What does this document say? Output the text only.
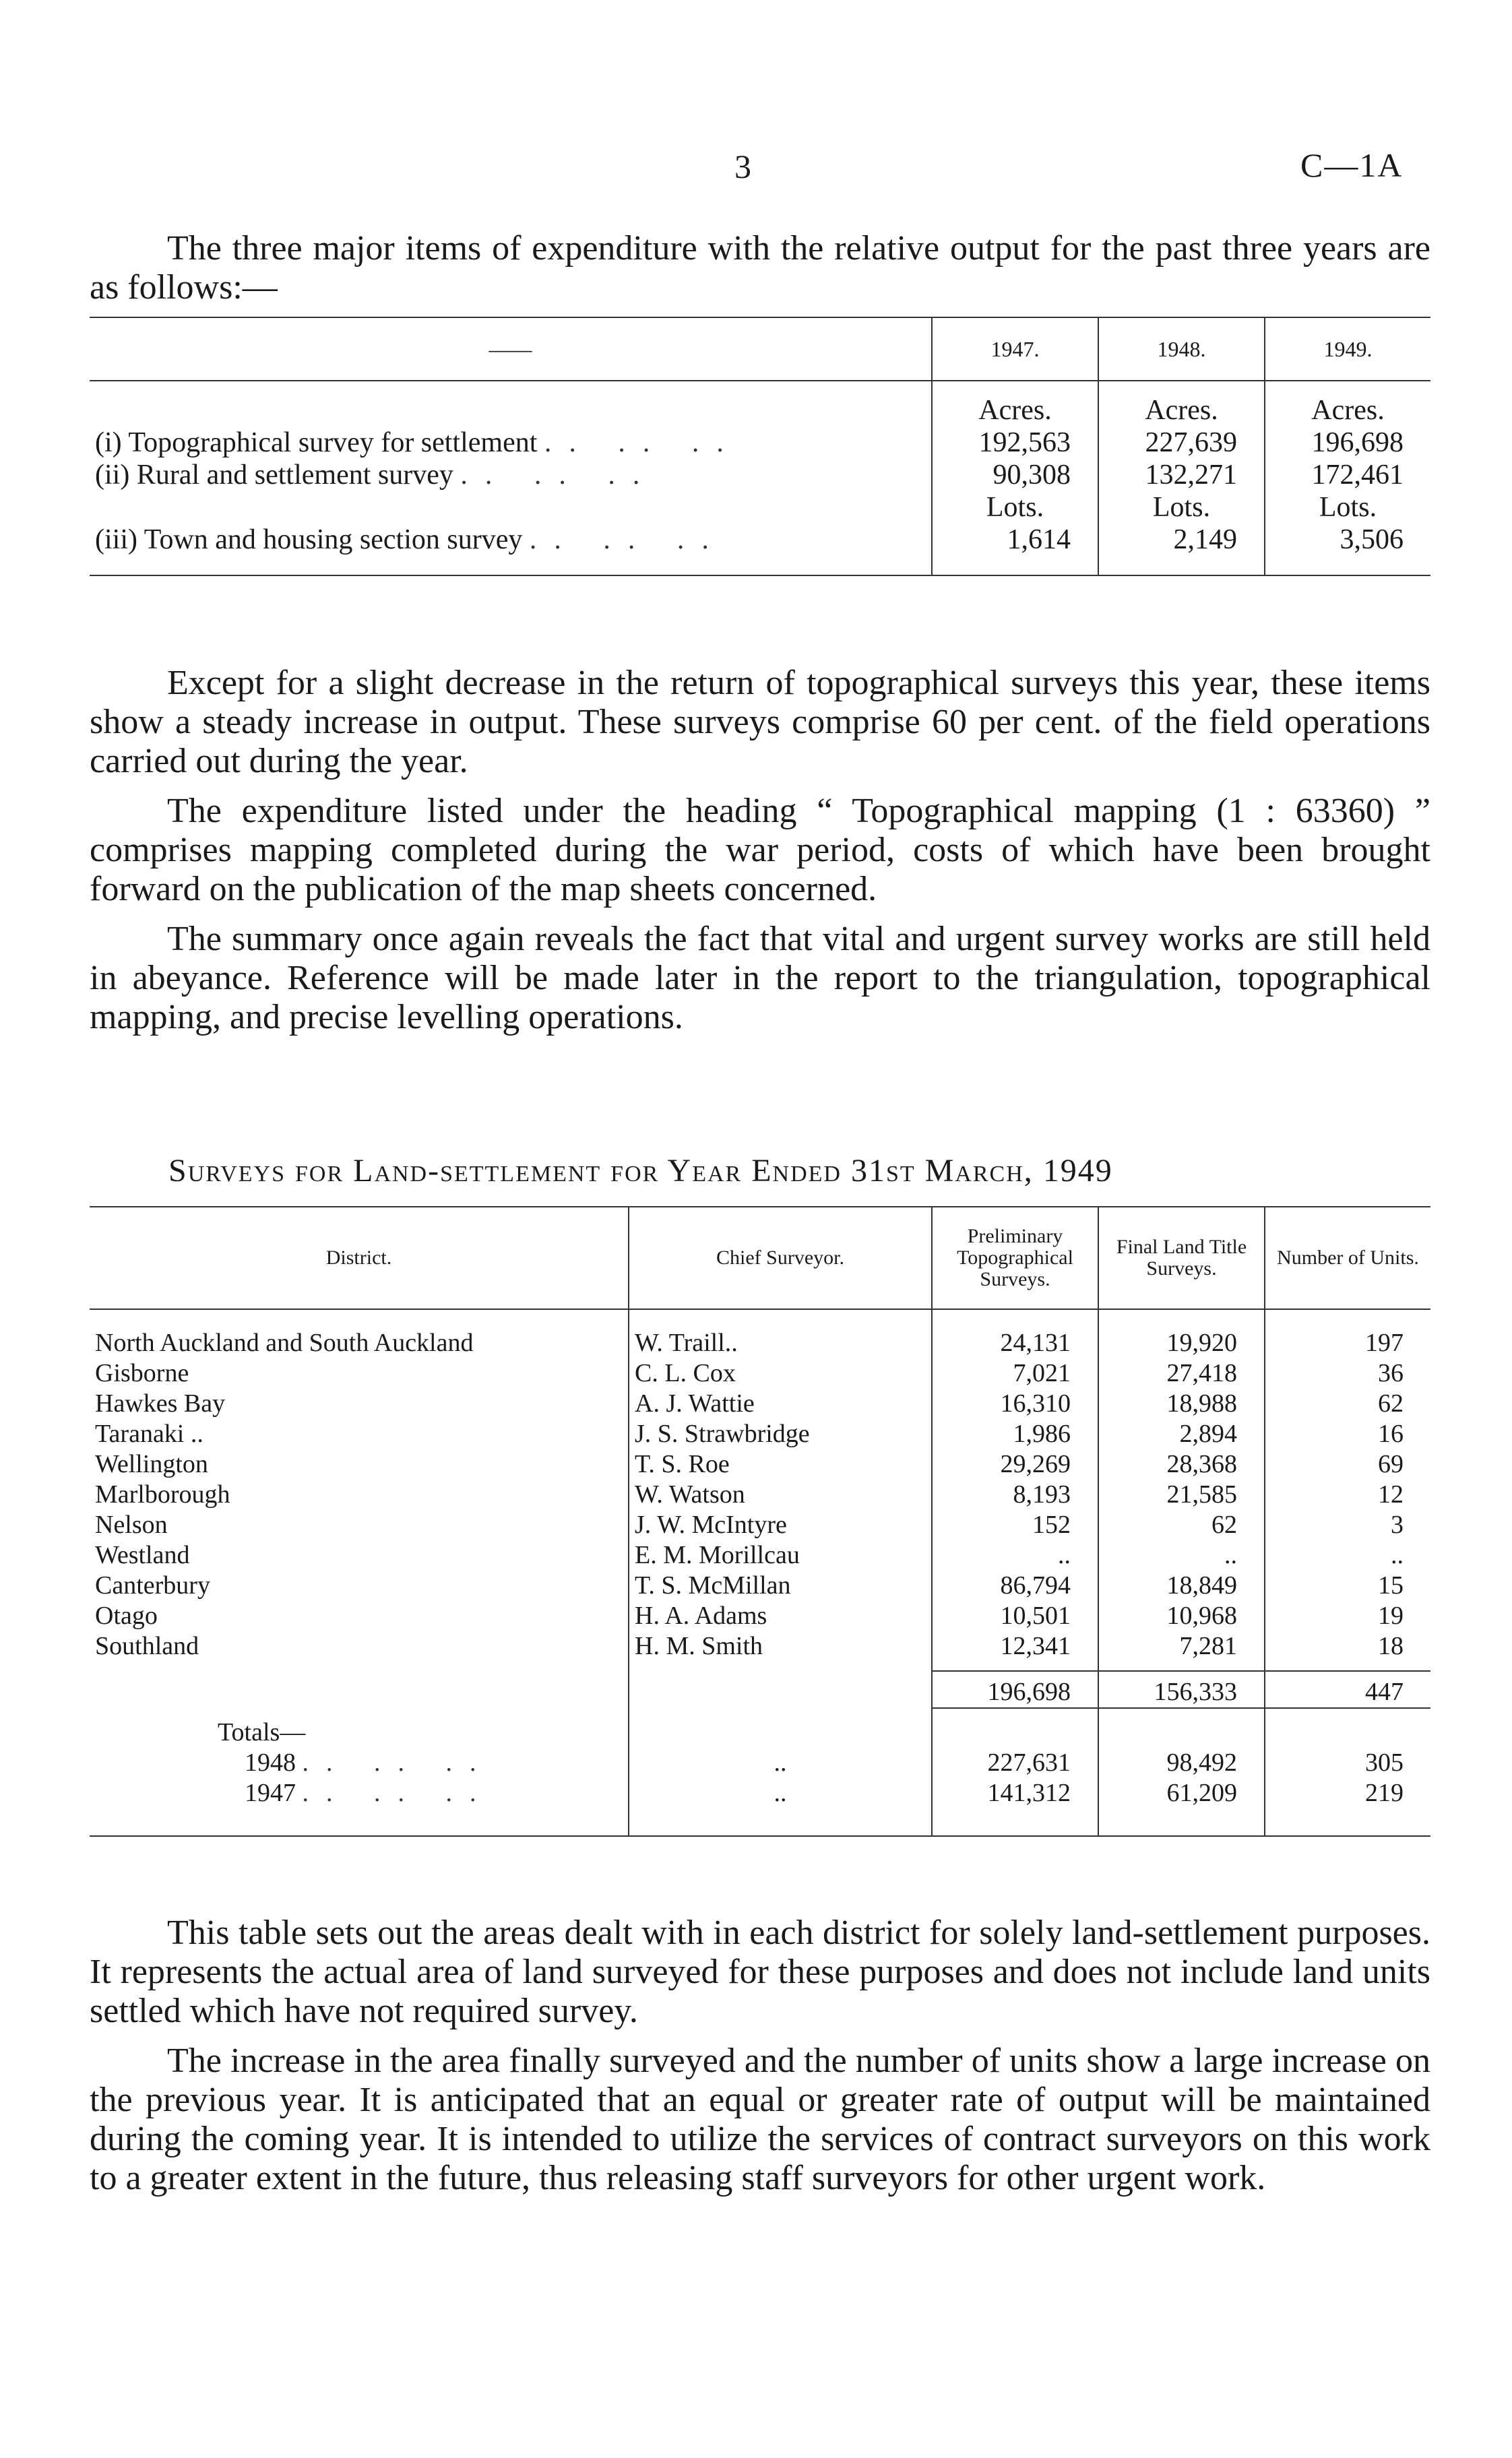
3	C—1A
The three major items of expenditure with the relative output for the past three years are as follows:—
——	1947.	1948.	1949.

	Acres.	Acres.	Acres.
(i) Topographical survey for settlement .. .. ..	192,563	227,639	196,698
(ii) Rural and settlement survey .. .. ..	90,308	132,271	172,461
	Lots.	Lots.	Lots.
(iii) Town and housing section survey .. .. ..	1,614	2,149	3,506
Except for a slight decrease in the return of topographical surveys this year, these items show a steady increase in output. These surveys comprise 60 per cent. of the field operations carried out during the year.
The expenditure listed under the heading “ Topographical mapping (1 : 63360) ” comprises mapping completed during the war period, costs of which have been brought forward on the publication of the map sheets concerned.
The summary once again reveals the fact that vital and urgent survey works are still held in abeyance. Reference will be made later in the report to the triangulation, topographical mapping, and precise levelling operations.
Surveys for Land-settlement for Year Ended 31st March, 1949
District.	Chief Surveyor.	Preliminary Topographical Surveys.	Final Land Title Surveys.	Number of Units.

North Auckland and South Auckland	W. Traill..	24,131	19,920	197
Gisborne	C. L. Cox	7,021	27,418	36
Hawkes Bay	A. J. Wattie	16,310	18,988	62
Taranaki ..	J. S. Strawbridge	1,986	2,894	16
Wellington	T. S. Roe	29,269	28,368	69
Marlborough	W. Watson	8,193	21,585	12
Nelson	J. W. McIntyre	152	62	3
Westland	E. M. Morillcau	..	..	..
Canterbury	T. S. McMillan	86,794	18,849	15
Otago	H. A. Adams	10,501	10,968	19
Southland	H. M. Smith	12,341	7,281	18

		196,698	156,333	447

Totals—				
1948 .. .. ..	..	227,631	98,492	305
1947 .. .. ..	..	141,312	61,209	219
This table sets out the areas dealt with in each district for solely land-settlement purposes. It represents the actual area of land surveyed for these purposes and does not include land units settled which have not required survey.
The increase in the area finally surveyed and the number of units show a large increase on the previous year. It is anticipated that an equal or greater rate of output will be maintained during the coming year. It is intended to utilize the services of contract surveyors on this work to a greater extent in the future, thus releasing staff surveyors for other urgent work.
